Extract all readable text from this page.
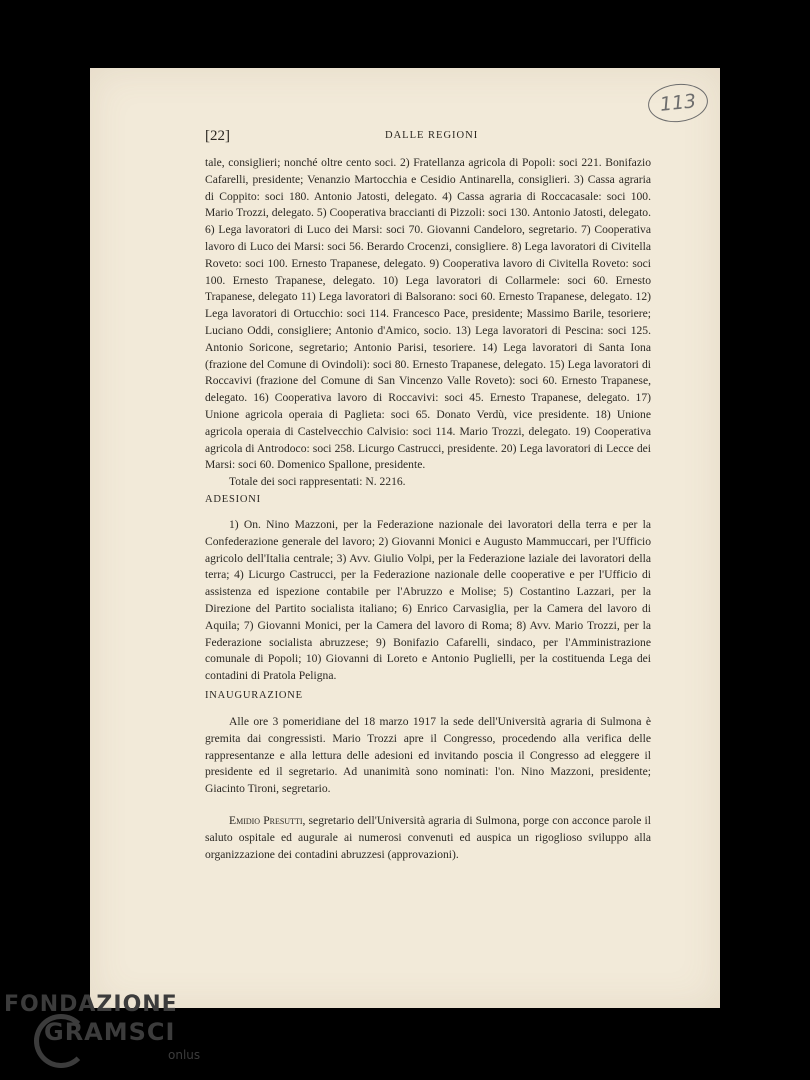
113
[22]	DALLE REGIONI

tale, consiglieri; nonché oltre cento soci. 2) Fratellanza agricola di Popoli: soci 221. Bonifazio Cafarelli, presidente; Venanzio Martocchia e Cesidio Antinarella, consiglieri. 3) Cassa agraria di Coppito: soci 180. Antonio Jatosti, delegato. 4) Cassa agraria di Roccacasale: soci 100. Mario Trozzi, delegato. 5) Cooperativa braccianti di Pizzoli: soci 130. Antonio Jatosti, delegato. 6) Lega lavoratori di Luco dei Marsi: soci 70. Giovanni Candeloro, segretario. 7) Cooperativa lavoro di Luco dei Marsi: soci 56. Berardo Crocenzi, consigliere. 8) Lega lavoratori di Civitella Roveto: soci 100. Ernesto Trapanese, delegato. 9) Cooperativa lavoro di Civitella Roveto: soci 100. Ernesto Trapanese, delegato. 10) Lega lavoratori di Collarmele: soci 60. Ernesto Trapanese, delegato 11) Lega lavoratori di Balsorano: soci 60. Ernesto Trapanese, delegato. 12) Lega lavoratori di Ortucchio: soci 114. Francesco Pace, presidente; Massimo Barile, tesoriere; Luciano Oddi, consigliere; Antonio d'Amico, socio. 13) Lega lavoratori di Pescina: soci 125. Antonio Soricone, segretario; Antonio Parisi, tesoriere. 14) Lega lavoratori di Santa Iona (frazione del Comune di Ovindoli): soci 80. Ernesto Trapanese, delegato. 15) Lega lavoratori di Roccavivi (frazione del Comune di San Vincenzo Valle Roveto): soci 60. Ernesto Trapanese, delegato. 16) Cooperativa lavoro di Roccavivi: soci 45. Ernesto Trapanese, delegato. 17) Unione agricola operaia di Paglieta: soci 65. Donato Verdù, vice presidente. 18) Unione agricola operaia di Castelvecchio Calvisio: soci 114. Mario Trozzi, delegato. 19) Cooperativa agricola di Antrodoco: soci 258. Licurgo Castrucci, presidente. 20) Lega lavoratori di Lecce dei Marsi: soci 60. Domenico Spallone, presidente.

Totale dei soci rappresentati: N. 2216.

ADESIONI

1) On. Nino Mazzoni, per la Federazione nazionale dei lavoratori della terra e per la Confederazione generale del lavoro; 2) Giovanni Monici e Augusto Mammuccari, per l'Ufficio agricolo dell'Italia centrale; 3) Avv. Giulio Volpi, per la Federazione laziale dei lavoratori della terra; 4) Licurgo Castrucci, per la Federazione nazionale delle cooperative e per l'Ufficio di assistenza ed ispezione contabile per l'Abruzzo e Molise; 5) Costantino Lazzari, per la Direzione del Partito socialista italiano; 6) Enrico Carvasiglia, per la Camera del lavoro di Aquila; 7) Giovanni Monici, per la Camera del lavoro di Roma; 8) Avv. Mario Trozzi, per la Federazione socialista abruzzese; 9) Bonifazio Cafarelli, sindaco, per l'Amministrazione comunale di Popoli; 10) Giovanni di Loreto e Antonio Puglielli, per la costituenda Lega dei contadini di Pratola Peligna.

INAUGURAZIONE

Alle ore 3 pomeridiane del 18 marzo 1917 la sede dell'Università agraria di Sulmona è gremita dai congressisti. Mario Trozzi apre il Congresso, procedendo alla verifica delle rappresentanze e alla lettura delle adesioni ed invitando poscia il Congresso ad eleggere il presidente ed il segretario. Ad unanimità sono nominati: l'on. Nino Mazzoni, presidente; Giacinto Tironi, segretario.

Emidio Presutti, segretario dell'Università agraria di Sulmona, porge con acconce parole il saluto ospitale ed augurale ai numerosi convenuti ed auspica un rigoglioso sviluppo alla organizzazione dei contadini abruzzesi (approvazioni).

FONDAZIONE
GRAMSCI
onlus
